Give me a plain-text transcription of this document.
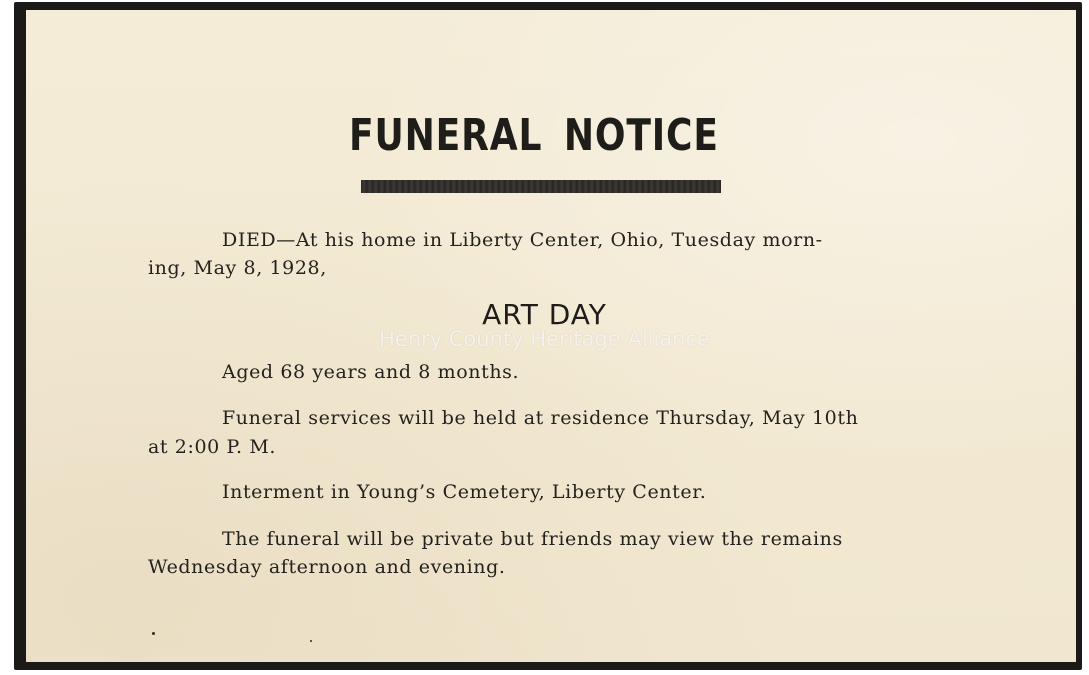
FUNERAL NOTICE
DIED—At his home in Liberty Center, Ohio, Tuesday morn-
ing, May 8, 1928,
ART DAY
Henry County Heritage Alliance
Aged 68 years and 8 months.
Funeral services will be held at residence Thursday, May 10th
at 2:00 P. M.
Interment in Young’s Cemetery, Liberty Center.
The funeral will be private but friends may view the remains
Wednesday afternoon and evening.
